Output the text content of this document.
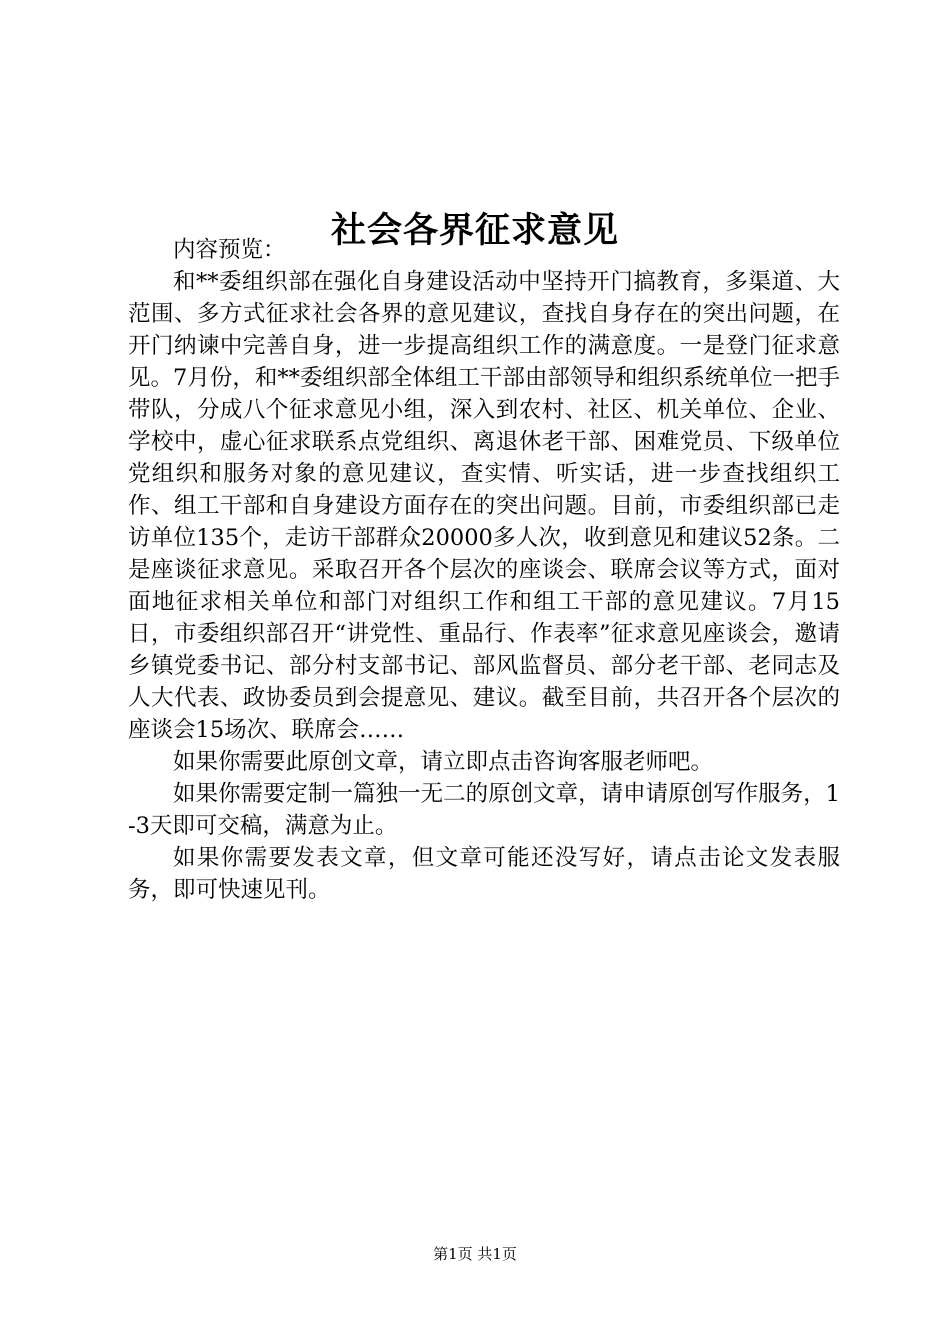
社会各界征求意见

内容预览：

和**委组织部在强化自身建设活动中坚持开门搞教育，多渠道、大范围、多方式征求社会各界的意见建议，查找自身存在的突出问题，在开门纳谏中完善自身，进一步提高组织工作的满意度。一是登门征求意见。7月份，和**委组织部全体组工干部由部领导和组织系统单位一把手带队，分成八个征求意见小组，深入到农村、社区、机关单位、企业、学校中，虚心征求联系点党组织、离退休老干部、困难党员、下级单位党组织和服务对象的意见建议，查实情、听实话，进一步查找组织工作、组工干部和自身建设方面存在的突出问题。目前，市委组织部已走访单位135个，走访干部群众20000多人次，收到意见和建议52条。二是座谈征求意见。采取召开各个层次的座谈会、联席会议等方式，面对面地征求相关单位和部门对组织工作和组工干部的意见建议。7月15日，市委组织部召开“讲党性、重品行、作表率”征求意见座谈会，邀请乡镇党委书记、部分村支部书记、部风监督员、部分老干部、老同志及人大代表、政协委员到会提意见、建议。截至目前，共召开各个层次的座谈会15场次、联席会……

如果你需要此原创文章，请立即点击咨询客服老师吧。

如果你需要定制一篇独一无二的原创文章，请申请原创写作服务，1-3天即可交稿，满意为止。

如果你需要发表文章，但文章可能还没写好，请点击论文发表服务，即可快速见刊。

第1页 共1页
